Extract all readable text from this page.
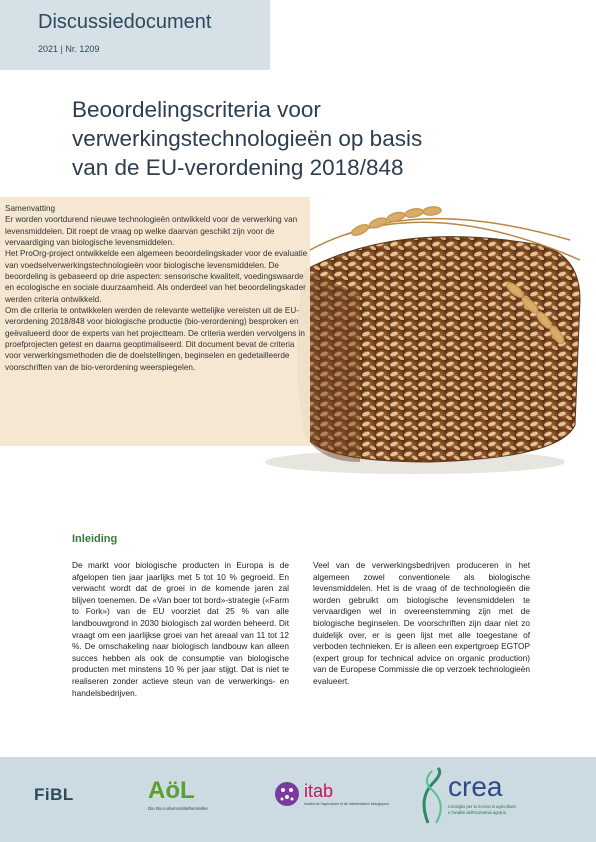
Discussiedocument
2021 | Nr. 1209
Beoordelingscriteria voor
verwerkingstechnologieën op basis
van de EU-verordening 2018/848

Samenvatting

Er worden voortdurend nieuwe technologieën ontwikkeld voor de verwerking van levensmiddelen. Dit roept de vraag op welke daarvan geschikt zijn voor de vervaardiging van biologische levensmiddelen.

Het ProOrg-project ontwikkelde een algemeen beoordelingskader voor de evaluatie van voedselverwerkingstechnologieën voor biologische levensmiddelen. De beoordeling is gebaseerd op drie aspecten: sensorische kwaliteit, voedingswaarde en ecologische en sociale duurzaamheid. Als onderdeel van het beoordelingskader werden criteria ontwikkeld.

Om die criteria te ontwikkelen werden de relevante wettelijke vereisten uit de EU-verordening 2018/848 voor biologische productie (bio-verordening) besproken en geëvalueerd door de experts van het projectteam. De criteria werden vervolgens in proefprojecten getest en daarna geoptimaliseerd. Dit document bevat de criteria voor verwerkingsmethoden die de doelstellingen, beginselen en gedetailleerde voorschriften van de bio-verordening weerspiegelen.

Inleiding

De markt voor biologische producten in Europa is de afgelopen tien jaar jaarlijks met 5 tot 10 % gegroeid. En verwacht wordt dat de groei in de komende jaren zal blijven toenemen. De «Van boer tot bord»-strategie («Farm to Fork») van de EU voorziet dat 25 % van alle landbouwgrond in 2030 biologisch zal worden beheerd. Dit vraagt om een jaarlijkse groei van het areaal van 11 tot 12 %. De omschakeling naar biologisch landbouw kan alleen succes hebben als ook de consumptie van biologische producten met minstens 10 % per jaar stijgt. Dat is niet te realiseren zonder actieve steun van de verwerkings- en handelsbedrijven.

Veel van de verwerkingsbedrijven produceren in het algemeen zowel conventionele als biologische levensmiddelen. Het is de vraag of de technologieën die worden gebruikt om biologische levensmiddelen te vervaardigen wel in overeenstemming zijn met de biologische beginselen. De voorschriften zijn daar niet zo duidelijk over, er is geen lijst met alle toegestane of verboden technieken. Er is alleen een expertgroep EGTOP (expert group for technical advice on organic production) van de Europese Commissie die op verzoek technologieën evalueert.

FiBL	AöL
Die Bio-Lebensmittelhersteller
itab
Institut de l'agriculture et de l'alimentation biologiques
crea
Consiglio per la ricerca in agricoltura
e l'analisi dell'economia agraria
